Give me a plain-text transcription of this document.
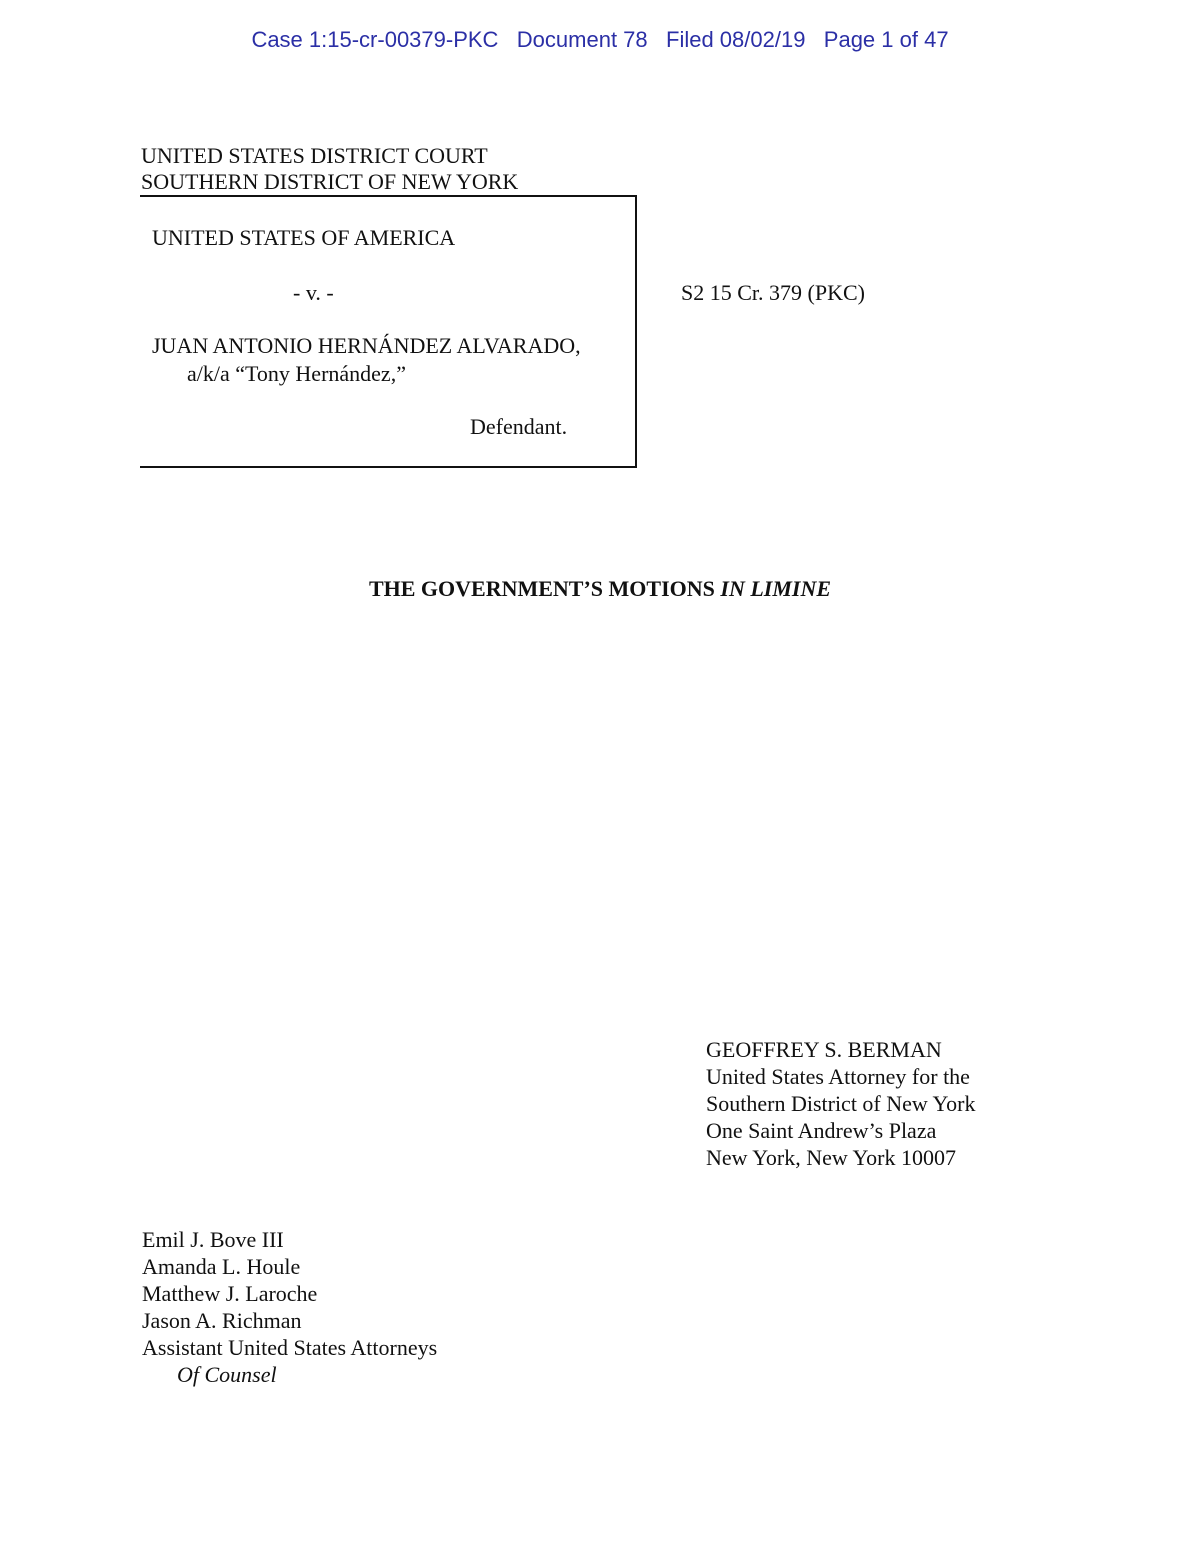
Case 1:15-cr-00379-PKC Document 78 Filed 08/02/19 Page 1 of 47
UNITED STATES DISTRICT COURT
SOUTHERN DISTRICT OF NEW YORK
UNITED STATES OF AMERICA
- v. -
JUAN ANTONIO HERNÁNDEZ ALVARADO,
a/k/a “Tony Hernández,”
Defendant.
S2 15 Cr. 379 (PKC)
THE GOVERNMENT’S MOTIONS IN LIMINE
GEOFFREY S. BERMAN
United States Attorney for the
Southern District of New York
One Saint Andrew’s Plaza
New York, New York 10007
Emil J. Bove III
Amanda L. Houle
Matthew J. Laroche
Jason A. Richman
Assistant United States Attorneys
Of Counsel
